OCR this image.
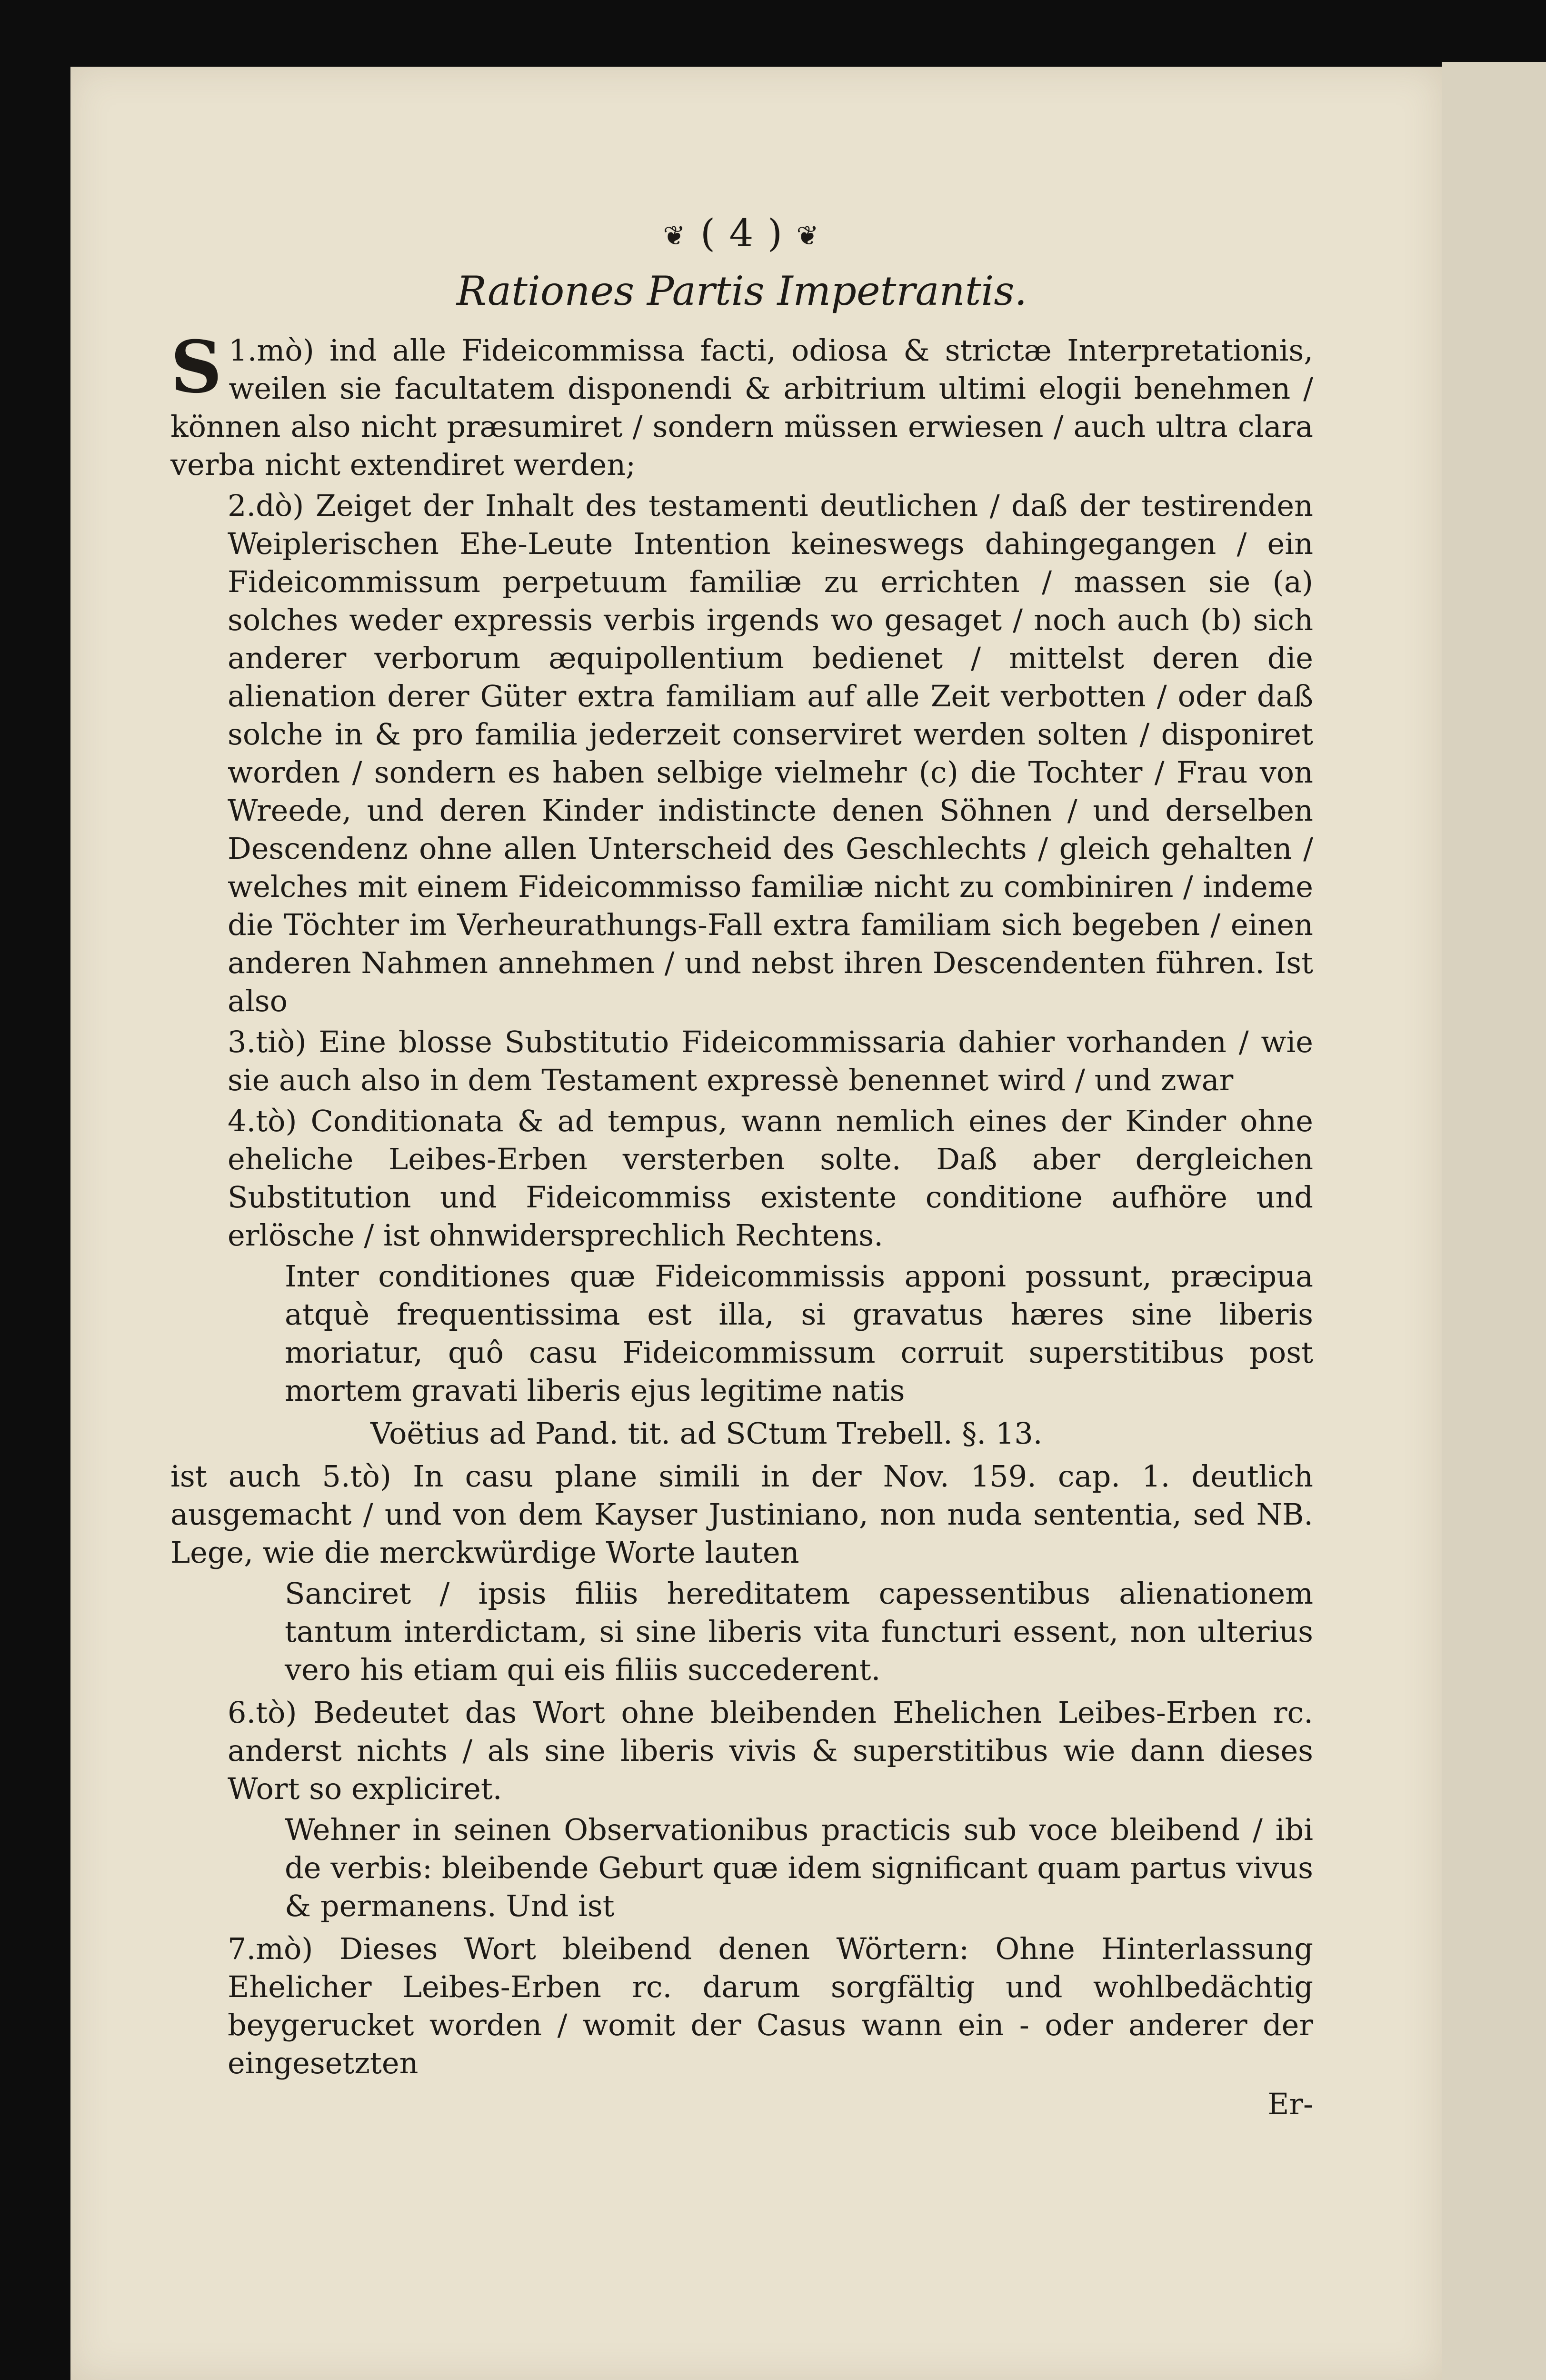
❦ ( 4 ) ❦
Rationes Partis Impetrantis.

1.mò)
S	ind alle Fideicommissa facti, odiosa & strictæ Interpretationis, weilen sie facultatem disponendi & arbitrium ultimi elogii benehmen / können also nicht præsumiret / sondern müssen erwiesen / auch ultra clara verba nicht extendiret werden;

2.dò) Zeiget der Inhalt des testamenti deutlichen / daß der testirenden Weiplerischen Ehe-Leute Intention keineswegs dahingegangen / ein Fideicommissum perpetuum familiæ zu errichten / massen sie (a) solches weder expressis verbis irgends wo gesaget / noch auch (b) sich anderer verborum æquipollentium bedienet / mittelst deren die alienation derer Güter extra familiam auf alle Zeit verbotten / oder daß solche in & pro familia jederzeit conserviret werden solten / disponiret worden / sondern es haben selbige vielmehr (c) die Tochter / Frau von Wreede, und deren Kinder indistincte denen Söhnen / und derselben Descendenz ohne allen Unterscheid des Geschlechts / gleich gehalten / welches mit einem Fideicommisso familiæ nicht zu combiniren / indeme die Töchter im Verheurathungs-Fall extra familiam sich begeben / einen anderen Nahmen annehmen / und nebst ihren Descendenten führen. Ist also

3.tiò) Eine blosse Substitutio Fideicommissaria dahier vorhanden / wie sie auch also in dem Testament expressè benennet wird / und zwar

4.tò) Conditionata & ad tempus, wann nemlich eines der Kinder ohne eheliche Leibes-Erben versterben solte. Daß aber dergleichen Substitution und Fideicommiss existente conditione aufhöre und erlösche / ist ohnwidersprechlich Rechtens.

Inter conditiones quæ Fideicommissis apponi possunt, præcipua atquè frequentissima est illa, si gravatus hæres sine liberis moriatur, quô casu Fideicommissum corruit superstitibus post mortem gravati liberis ejus legitime natis

Voëtius ad Pand. tit. ad SCtum Trebell. §. 13.

ist auch 5.tò) In casu plane simili in der Nov. 159. cap. 1. deutlich ausgemacht / und von dem Kayser Justiniano, non nuda sententia, sed NB. Lege, wie die merckwürdige Worte lauten

Sanciret / ipsis filiis hereditatem capessentibus alienationem tantum interdictam, si sine liberis vita functuri essent, non ulterius vero his etiam qui eis filiis succederent.

6.tò) Bedeutet das Wort ohne bleibenden Ehelichen Leibes-Erben rc. anderst nichts / als sine liberis vivis & superstitibus wie dann dieses Wort so expliciret.

Wehner in seinen Observationibus practicis sub voce bleibend / ibi de verbis: bleibende Geburt quæ idem significant quam partus vivus & permanens. Und ist

7.mò) Dieses Wort bleibend denen Wörtern: Ohne Hinterlassung Ehelicher Leibes-Erben rc. darum sorgfältig und wohlbedächtig beygerucket worden / womit der Casus wann ein - oder anderer der eingesetzten

Er-
